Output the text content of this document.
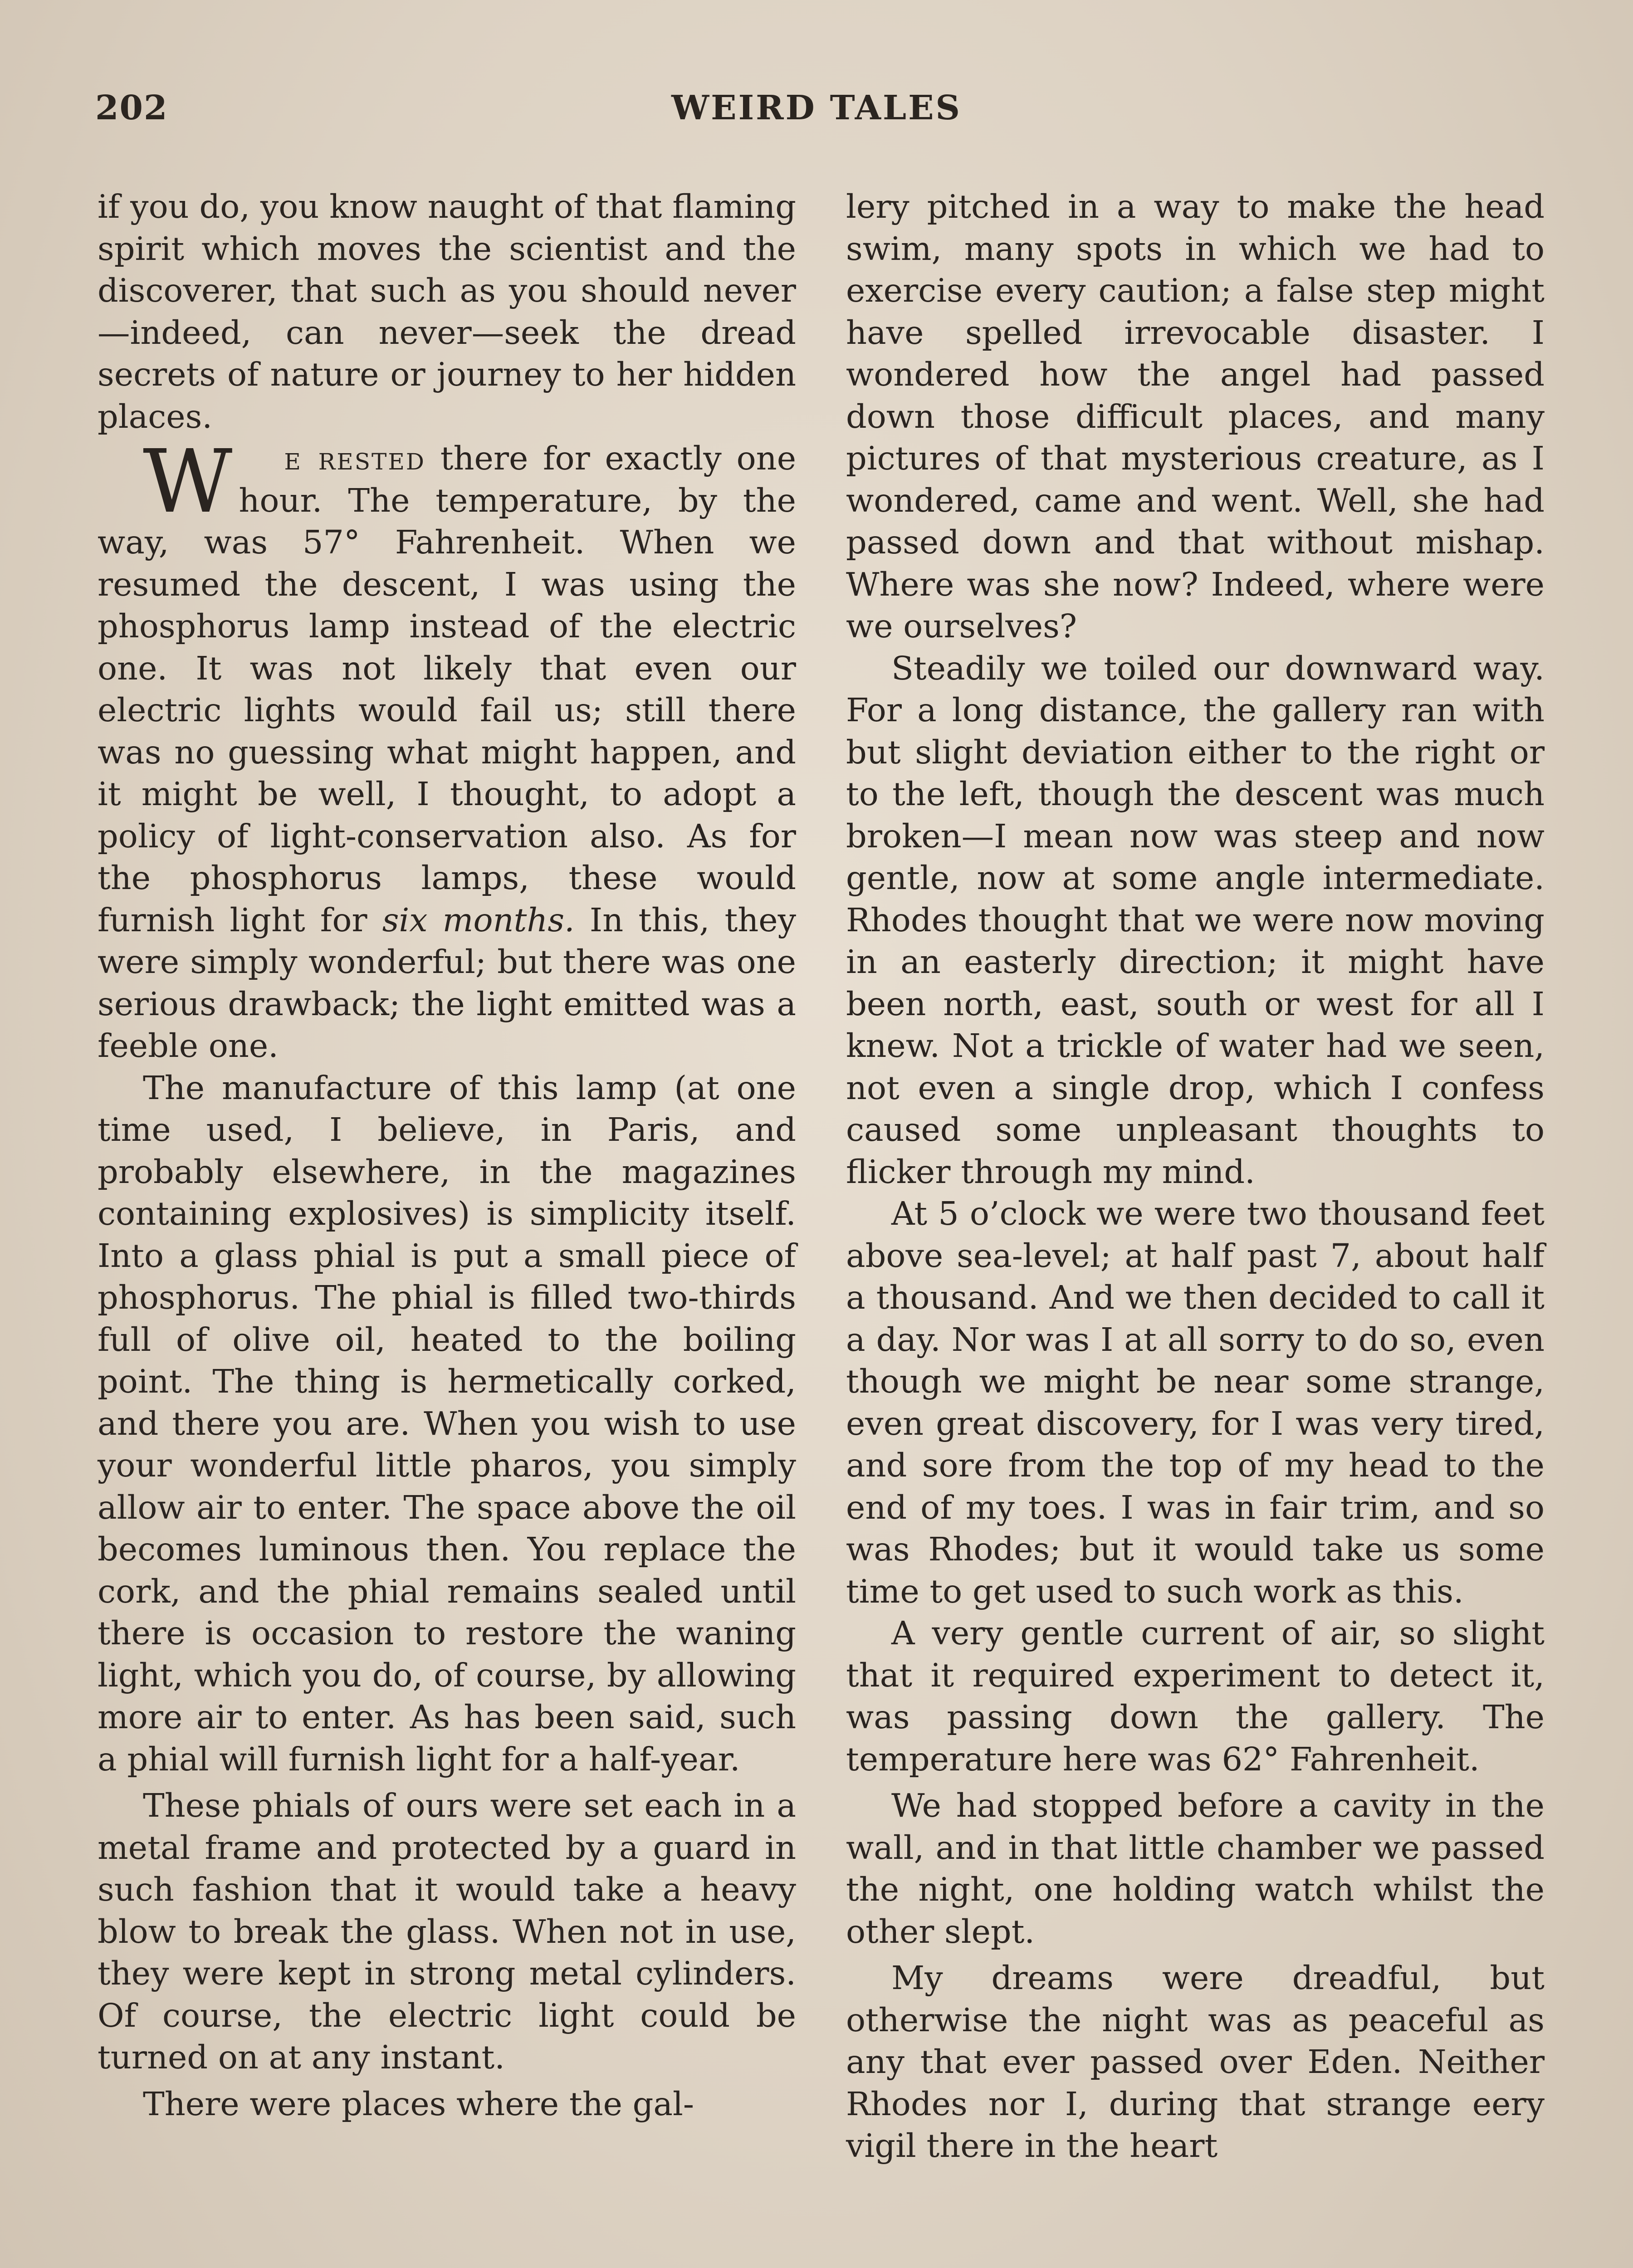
202	WEIRD TALES

if you do, you know naught of that flaming spirit which moves the scientist and the discoverer, that such as you should never—indeed, can never—seek the dread secrets of nature or journey to her hidden places.

W e rested there for exactly one hour. The temperature, by the way, was 57° Fahrenheit. When we resumed the descent, I was using the phosphorus lamp instead of the electric one. It was not likely that even our electric lights would fail us; still there was no guessing what might happen, and it might be well, I thought, to adopt a policy of light-conservation also. As for the phosphorus lamps, these would furnish light for six months. In this, they were simply wonderful; but there was one serious drawback; the light emitted was a feeble one.

The manufacture of this lamp (at one time used, I believe, in Paris, and probably elsewhere, in the magazines containing explosives) is simplicity itself. Into a glass phial is put a small piece of phosphorus. The phial is filled two-thirds full of olive oil, heated to the boiling point. The thing is hermetically corked, and there you are. When you wish to use your wonderful little pharos, you simply allow air to enter. The space above the oil becomes luminous then. You replace the cork, and the phial remains sealed until there is occasion to restore the waning light, which you do, of course, by allowing more air to enter. As has been said, such a phial will furnish light for a half-year.

These phials of ours were set each in a metal frame and protected by a guard in such fashion that it would take a heavy blow to break the glass. When not in use, they were kept in strong metal cylinders. Of course, the electric light could be turned on at any instant.

There were places where the gal-

lery pitched in a way to make the head swim, many spots in which we had to exercise every caution; a false step might have spelled irrevocable disaster. I wondered how the angel had passed down those difficult places, and many pictures of that mysterious creature, as I wondered, came and went. Well, she had passed down and that without mishap. Where was she now? Indeed, where were we ourselves?

Steadily we toiled our downward way. For a long distance, the gallery ran with but slight deviation either to the right or to the left, though the descent was much broken—I mean now was steep and now gentle, now at some angle intermediate. Rhodes thought that we were now moving in an easterly direction; it might have been north, east, south or west for all I knew. Not a trickle of water had we seen, not even a single drop, which I confess caused some unpleasant thoughts to flicker through my mind.

At 5 o’clock we were two thousand feet above sea-level; at half past 7, about half a thousand. And we then decided to call it a day. Nor was I at all sorry to do so, even though we might be near some strange, even great discovery, for I was very tired, and sore from the top of my head to the end of my toes. I was in fair trim, and so was Rhodes; but it would take us some time to get used to such work as this.

A very gentle current of air, so slight that it required experiment to detect it, was passing down the gallery. The temperature here was 62° Fahrenheit.

We had stopped before a cavity in the wall, and in that little chamber we passed the night, one holding watch whilst the other slept.

My dreams were dreadful, but otherwise the night was as peaceful as any that ever passed over Eden. Neither Rhodes nor I, during that strange eery vigil there in the heart
